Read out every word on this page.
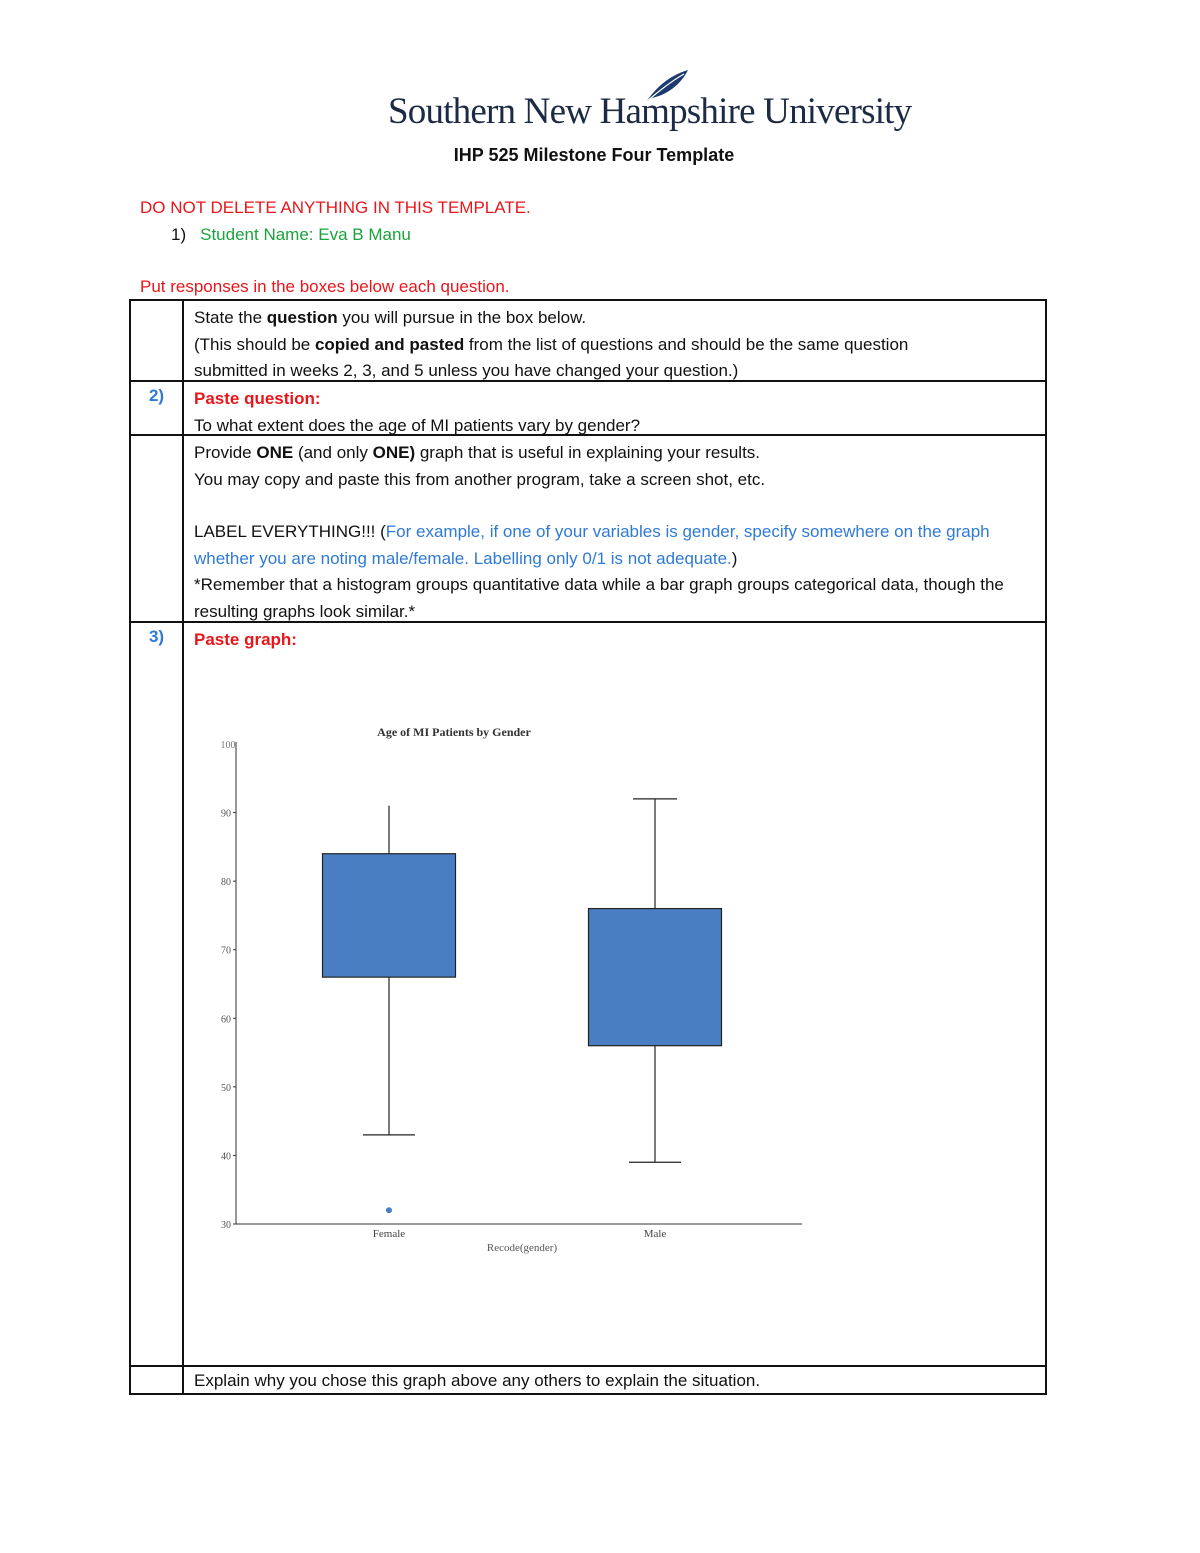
Southern New Hampshire University
IHP 525 Milestone Four Template
DO NOT DELETE ANYTHING IN THIS TEMPLATE.
1) Student Name: Eva B Manu
Put responses in the boxes below each question.
State the question you will pursue in the box below.
(This should be copied and pasted from the list of questions and should be the same question
submitted in weeks 2, 3, and 5 unless you have changed your question.)
2)	Paste question:
To what extent does the age of MI patients vary by gender?
Provide ONE (and only ONE) graph that is useful in explaining your results.
You may copy and paste this from another program, take a screen shot, etc.
LABEL EVERYTHING!!! (For example, if one of your variables is gender, specify somewhere on the graph whether you are noting male/female. Labelling only 0/1 is not adequate.)
*Remember that a histogram groups quantitative data while a bar graph groups categorical data, though the resulting graphs look similar.*
3)	Paste graph:
Age of MI Patients by Gender
30
40
50
60
70
80
90
100
Female	Male
Recode(gender)
Explain why you chose this graph above any others to explain the situation.
